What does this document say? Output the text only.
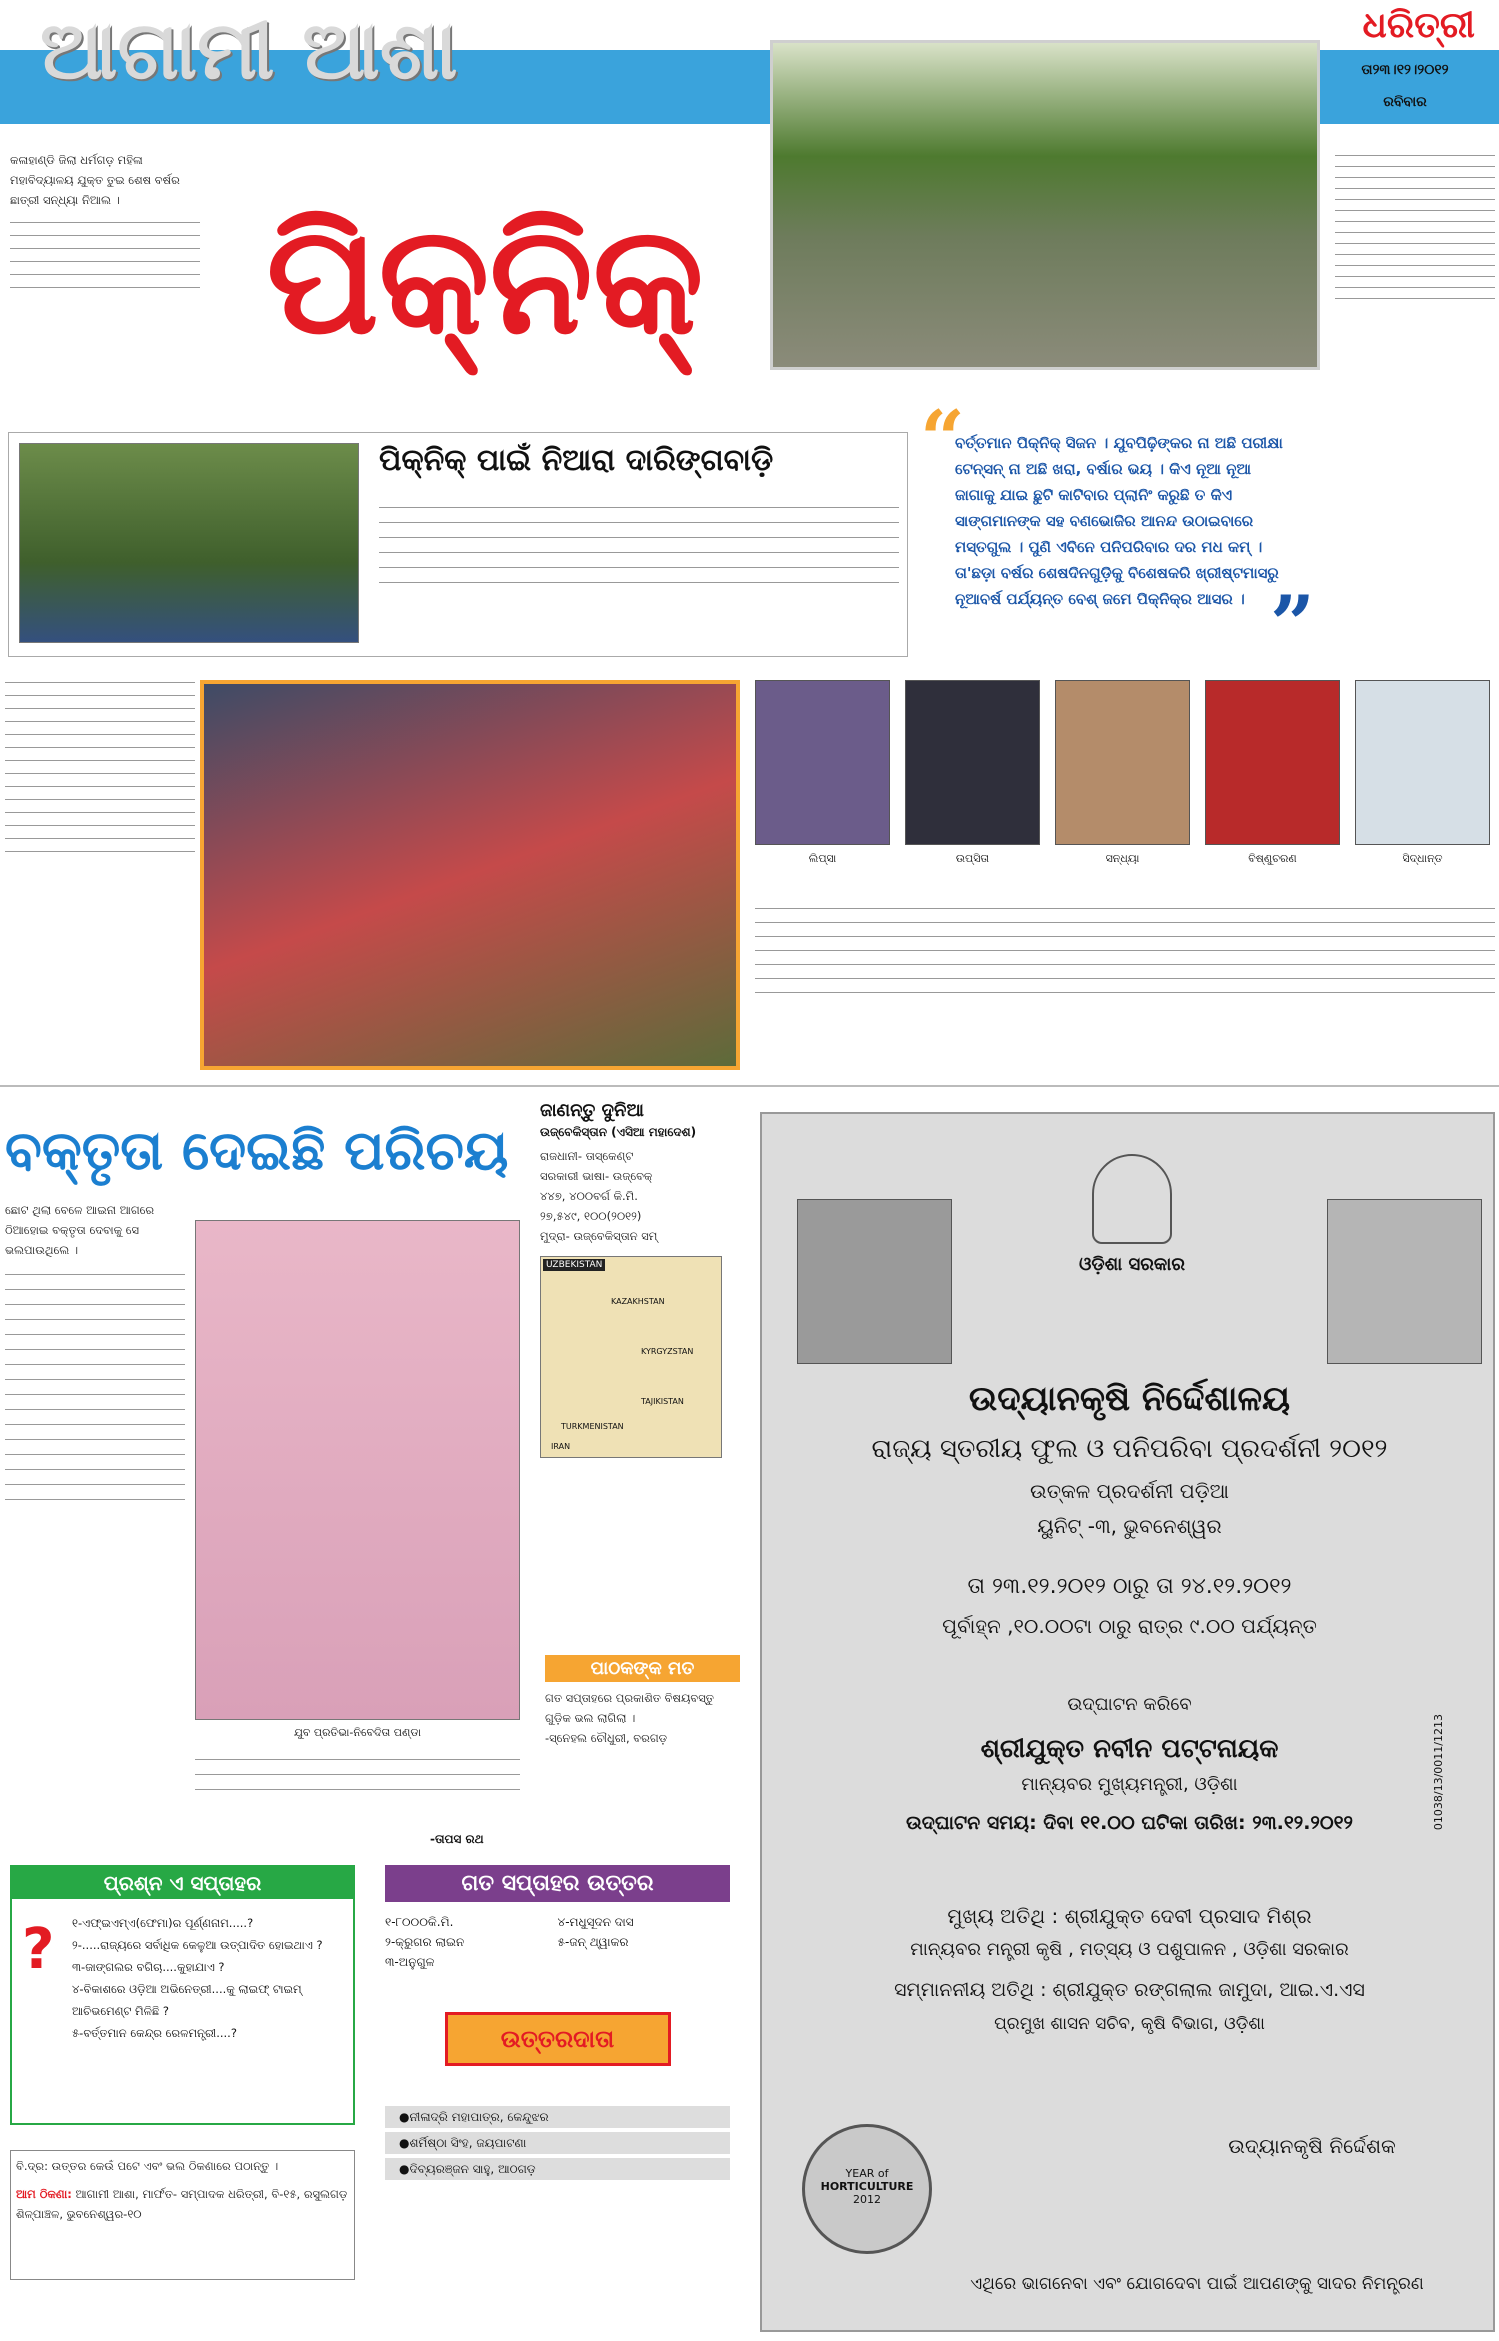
ଆଗାମୀ ଆଶା	ଧରିତ୍ରୀ
ତା୨୩।୧୨।୨୦୧୨
ରବିବାର
କଳାହାଣ୍ଡି ଜିଲା ଧର୍ମଗଡ଼ ମହିଳା ମହାବିଦ୍ୟାଳୟ ଯୁକ୍ତ ତୁଇ ଶେଷ ବର୍ଷର ଛାତ୍ରୀ ସନ୍ଧ୍ୟା ନିଆଲ । ପିକ୍‌ନିକ୍‌
ପିକ୍‌ନିକ୍‌ ପାଇଁ ନିଆରା ଦାରିଙ୍ଗବାଡ଼ି	“
ବର୍ତ୍ତମାନ ପିକ୍‌ନିକ୍‌ ସିଜନ । ଯୁବପିଢ଼ିଙ୍କର ନା ଅଛି ପରୀକ୍ଷା ଟେନ୍‌ସନ୍‌ ନା ଅଛି ଖରା, ବର୍ଷାର ଭୟ । କିଏ ନୂଆ ନୂଆ ଜାଗାକୁ ଯାଇ ଛୁଟି କାଟିବାର ପ୍ଲାନିଂ କରୁଛି ତ କିଏ ସାଙ୍ଗମାନଙ୍କ ସହ ବଣଭୋଜିର ଆନନ୍ଦ ଉଠାଇବାରେ ମସ୍ତଗୁଲ । ପୁଣି ଏବିନେ ପନିପରିବାର ଦର ମଧ କମ୍‌ । ତା'ଛଡ଼ା ବର୍ଷର ଶେଷଦିନଗୁଡ଼ିକୁ ବିଶେଷକରି ଖ୍ରୀଷ୍ଟମାସରୁ ନୂଆବର୍ଷ ପର୍ଯ୍ୟନ୍ତ ବେଶ୍‌ ଜମେ ପିକ୍‌ନିକ୍‌ର ଆସର । ”
ଲିପ୍‌ସା	ଉପ୍‌ସିତା	ସନ୍ଧ୍ୟା	ବିଷ୍ଣୁଚରଣ	ସିଦ୍ଧାନ୍ତ
ବକ୍ତୃତା ଦେଇଛି ପରିଚୟ
ଛୋଟ ଥିଲା ବେଳେ ଆଇନା ଆଗରେ ଠିଆହୋଇ ବକ୍ତୃତା ଦେବାକୁ ସେ ଭଲପାଉଥିଲେ ।
ଯୁବ ପ୍ରତିଭା-ନିବେଦିତା ପଣ୍ଡା
-ତାପସ ରଥ
ଜାଣନ୍ତୁ ଦୁନିଆ
ଉଜ୍‌ବେକିସ୍ତାନ (ଏସିଆ ମହାଦେଶ)
ରାଜଧାନୀ- ତାସ୍‌କେଣ୍ଟ
ସରକାରୀ ଭାଷା- ଉଜ୍‌ବେକ୍‌
୪୪୭, ୪୦୦ବର୍ଗ କି.ମି.
୨୭,୫୪୯, ୧୦୦(୨୦୧୨)
ମୁଦ୍ରା- ଉଜ୍‌ବେକିସ୍ତାନ ସମ୍‌
UZBEKISTAN
KAZAKHSTAN
KYRGYZSTAN
TAJIKISTAN
TURKMENISTAN
IRAN
ପାଠକଙ୍କ ମତ
ଗତ ସପ୍ତାହରେ ପ୍ରକାଶିତ ବିଷୟବସ୍ତୁ ଗୁଡ଼ିକ ଭଲ ଲାଗିଲା ।
-ସ୍ନେହଲ ଚୌଧୁରୀ, ବରଗଡ଼
ଓଡ଼ିଶା ସରକାର
ଉଦ୍ୟାନକୃଷି ନିର୍ଦ୍ଦେଶାଳୟ
ରାଜ୍ୟ ସ୍ତରୀୟ ଫୁଲ ଓ ପନିପରିବା ପ୍ରଦର୍ଶନୀ ୨୦୧୨
ଉତ୍କଳ ପ୍ରଦର୍ଶନୀ ପଡ଼ିଆ
ୟୁନିଟ୍‌ -୩, ଭୁବନେଶ୍ୱର
ତା ୨୩.୧୨.୨୦୧୨ ଠାରୁ ତା ୨୪.୧୨.୨୦୧୨
ପୂର୍ବାହ୍ନ ,୧୦.୦୦ଟା ଠାରୁ ରାତ୍ର ୯.୦୦ ପର୍ଯ୍ୟନ୍ତ
ଉଦ୍‌ଘାଟନ କରିବେ
ଶ୍ରୀଯୁକ୍ତ ନବୀନ ପଟ୍ଟନାୟକ
ମାନ୍ୟବର ମୁଖ୍ୟମନ୍ତ୍ରୀ, ଓଡ଼ିଶା
ଉଦ୍‌ଘାଟନ ସମୟ: ଦିବା ୧୧.୦୦ ଘଟିକା ତାରିଖ: ୨୩.୧୨.୨୦୧୨
ମୁଖ୍ୟ ଅତିଥି : ଶ୍ରୀଯୁକ୍ତ ଦେବୀ ପ୍ରସାଦ ମିଶ୍ର
ମାନ୍ୟବର ମନ୍ତ୍ରୀ କୃଷି , ମତ୍ସ୍ୟ ଓ ପଶୁପାଳନ , ଓଡ଼ିଶା ସରକାର
ସମ୍ମାନନୀୟ ଅତିଥି : ଶ୍ରୀଯୁକ୍ତ ରଙ୍ଗଲାଲ ଜାମୁଦା, ଆଇ.ଏ.ଏସ
ପ୍ରମୁଖ ଶାସନ ସଚିବ, କୃଷି ବିଭାଗ, ଓଡ଼ିଶା
ଉଦ୍ୟାନକୃଷି ନିର୍ଦ୍ଦେଶକ
YEAR of
HORTICULTURE
2012
ଏଥିରେ ଭାଗନେବା ଏବଂ ଯୋଗଦେବା ପାଇଁ ଆପଣଙ୍କୁ ସାଦର ନିମନ୍ତ୍ରଣ
01038/13/0011/1213
ପ୍ରଶ୍ନ ଏ ସପ୍ତାହର
? ୧-ଏଫ୍‌ଇଏମ୍‌ଏ(ଫେମା)ର ପୂର୍ଣ୍ଣନାମ.....?
୨-.....ରାଜ୍ୟରେ ସର୍ବାଧିକ କେଳୁଆ ଉତ୍ପାଦିତ ହୋଇଥାଏ ?
୩-ଜାଙ୍ଗଲର ବଗିଚା....କୁହାଯାଏ ?
୪-ବିକାଶରେ ଓଡ଼ିଆ ଅଭିନେତ୍ରୀ....କୁ ଲାଇଫ୍‌ ଟାଇମ୍‌ ଆଚିଭମେଣ୍ଟ ମିଳିଛି ?
୫-ବର୍ତ୍ତମାନ କେନ୍ଦ୍ର ରେଳମନ୍ତ୍ରୀ....?
ବି.ଦ୍ର: ଉତ୍ତର କେଉଁ ପଟେ ଏବଂ ଭଲ ଠିକଣାରେ ପଠାନ୍ତୁ ।
ଆମ ଠିକଣା: ଆଗାମୀ ଆଶା, ମାର୍ଫତ- ସମ୍ପାଦକ ଧରିତ୍ରୀ, ବି-୧୫, ରସୁଲଗଡ଼ ଶିଳ୍ପାଞ୍ଚଳ, ଭୁବନେଶ୍ୱର-୧୦
ଗତ ସପ୍ତାହର ଉତ୍ତର
୧-୮୦୦୦କି.ମି.	୪-ମଧୁସୂଦନ ଦାସ
୨-କ୍ରୁଗର ଲାଇନ	୫-ଜନ୍‌ ଥ୍ୱାକର
୩-ଅନୁଗୁଳ
ଉତ୍ତରଦାତା
●ନୀଳାଦ୍ରି ମହାପାତ୍ର, କେନ୍ଦୁଝର
●ଶର୍ମିଷ୍ଠା ସିଂହ, ଜୟପାଟଣା
●ଦିବ୍ୟରଞ୍ଜନ ସାହୁ, ଆଠଗଡ଼
